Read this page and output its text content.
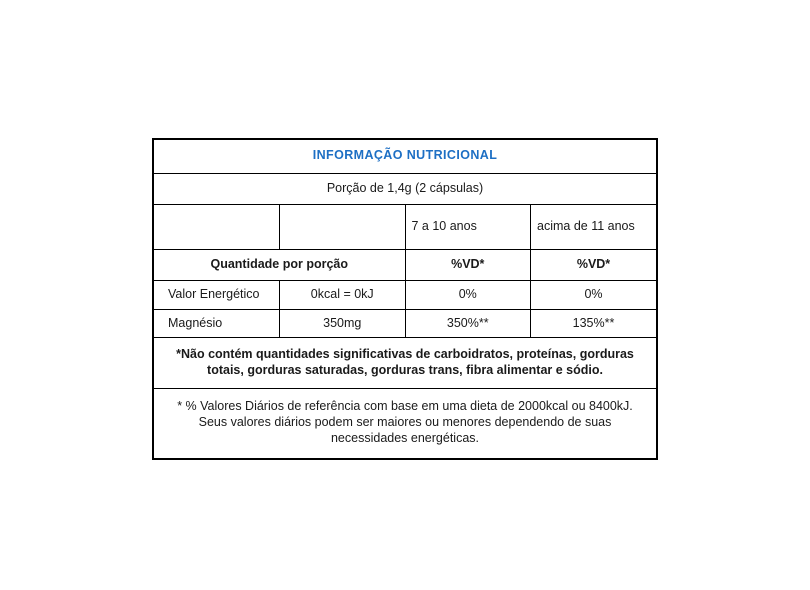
INFORMAÇÃO NUTRICIONAL			
Porção de 1,4g (2 cápsulas)			
		7 a 10 anos	acima de 11 anos
Quantidade por porção		%VD*	%VD*
Valor Energético	0kcal = 0kJ	0%	0%
Magnésio	350mg	350%**	135%**
*Não contém quantidades significativas de carboidratos, proteínas, gorduras totais, gorduras saturadas, gorduras trans, fibra alimentar e sódio.			
* % Valores Diários de referência com base em uma dieta de 2000kcal ou 8400kJ. Seus valores diários podem ser maiores ou menores dependendo de suas necessidades energéticas.			
